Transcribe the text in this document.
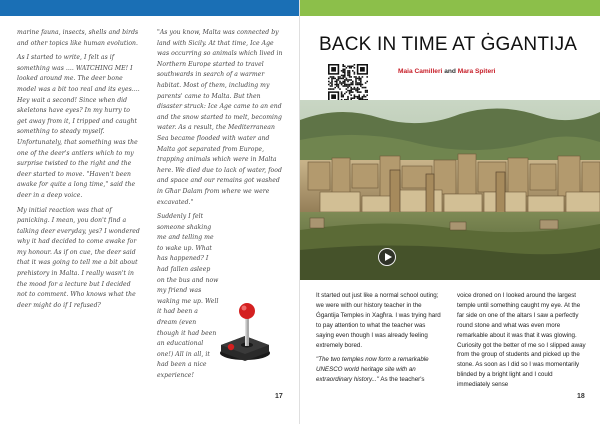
marine fauna, insects, shells and birds and other topics like human evolution.

As I started to write, I felt as if something was .... WATCHING ME! I looked around me. The deer bone model was a bit too real and its eyes.... Hey wait a second! Since when did skeletons have eyes? In my hurry to get away from it, I tripped and caught something to steady myself. Unfortunately, that something was the one of the deer's antlers which to my surprise twisted to the right and the deer started to move. "Haven't been awake for quite a long time," said the deer in a deep voice.

My initial reaction was that of panicking. I mean, you don't find a talking deer everyday, yes? I wondered why it had decided to come awake for my honour. As if on cue, the deer said that it was going to tell me a bit about prehistory in Malta. I really wasn't in the mood for a lecture but I decided not to comment. Who knows what the deer might do if I refused?

"As you know, Malta was connected by land with Sicily. At that time, Ice Age was occurring so animals which lived in Northern Europe started to travel southwards in search of a warmer habitat. Most of them, including my parents' came to Malta. But then disaster struck: Ice Age came to an end and the snow started to melt, becoming water. As a result, the Mediterranean Sea became flooded with water and Malta got separated from Europe, trapping animals which were in Malta here. We died due to lack of water, food and space and our remains got washed in Għar Dalam from where we were excavated."

Suddenly I felt someone shaking me and telling me to wake up. What has happened? I had fallen asleep on the bus and now my friend was waking me up. Well it had been a dream (even though it had been an educational one!) All in all, it had been a nice experience!

17
BACK IN TIME AT ĠGANTIJA
Maia Camilleri and Mara Spiteri

It started out just like a normal school outing; we were with our history teacher in the Ġgantija Temples in Xagħra. I was trying hard to pay attention to what the teacher was saying even though I was already feeling extremely bored.

"The two temples now form a remarkable UNESCO world heritage site with an extraordinary history..." As the teacher's

voice droned on I looked around the largest temple until something caught my eye. At the far side on one of the altars I saw a perfectly round stone and what was even more remarkable about it was that it was glowing. Curiosity got the better of me so I slipped away from the group of students and picked up the stone. As soon as I did so I was momentarily blinded by a bright light and I could immediately sense

18
